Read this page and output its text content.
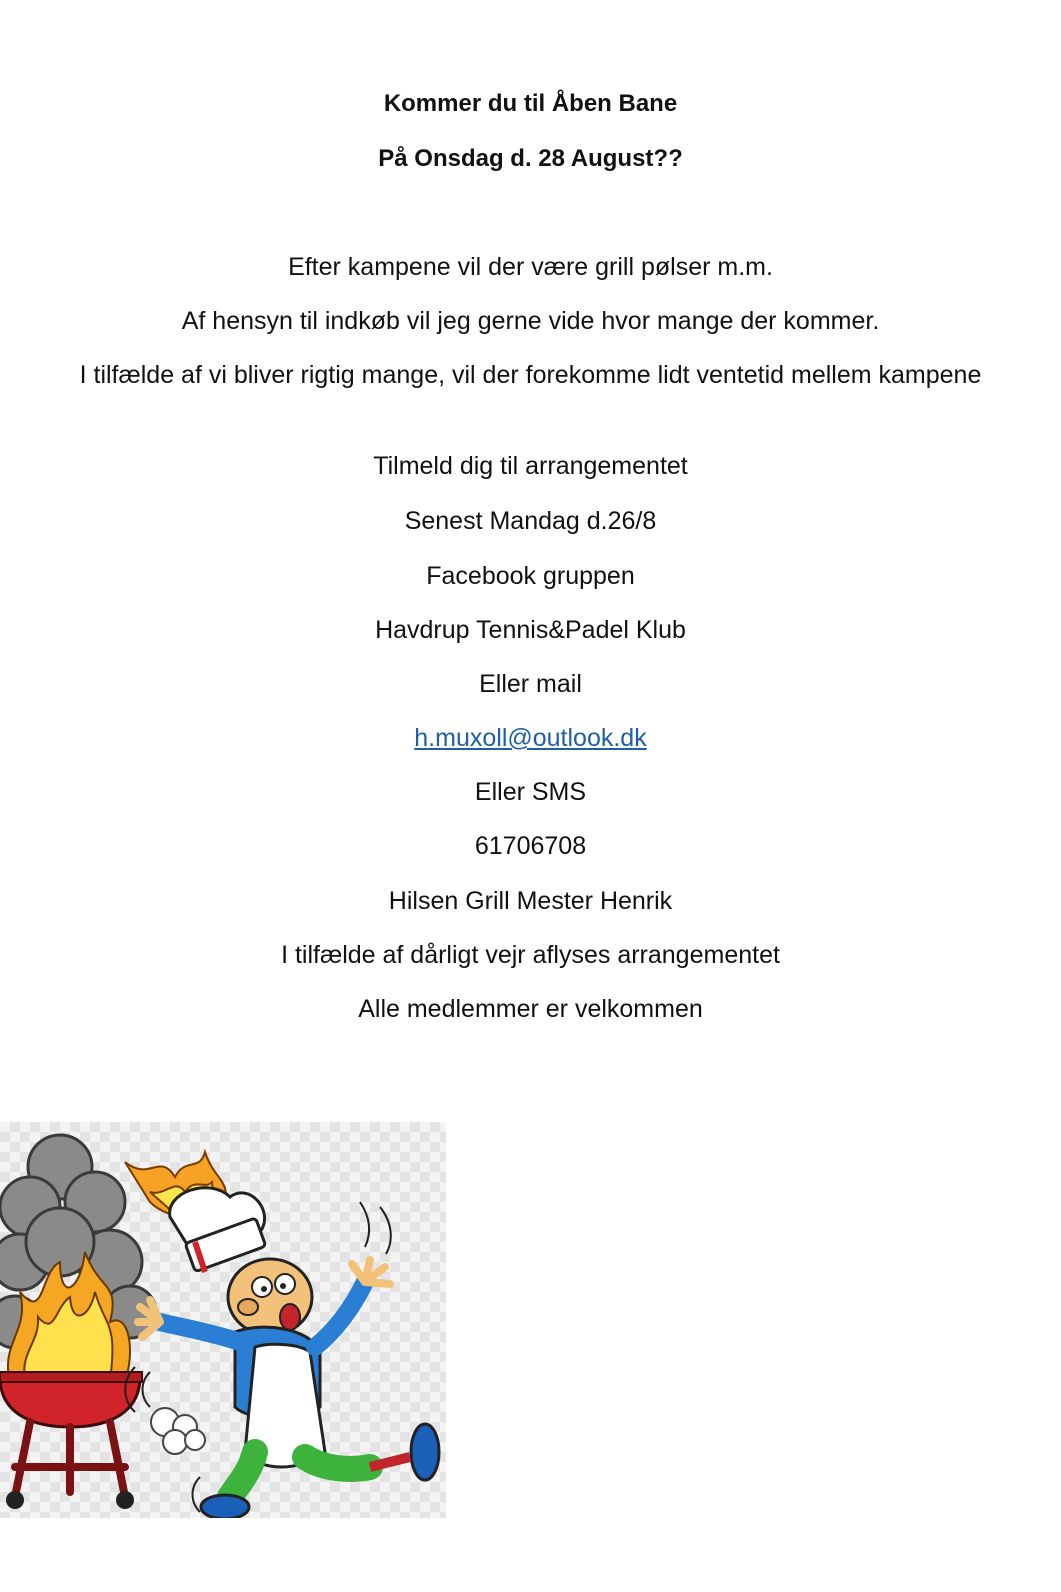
Kommer du til Åben Bane
På Onsdag d. 28 August??
Efter kampene vil der være grill pølser m.m.
Af hensyn til indkøb vil jeg gerne vide hvor mange der kommer.
I tilfælde af vi bliver rigtig mange, vil der forekomme lidt ventetid mellem kampene
Tilmeld dig til arrangementet
Senest Mandag d.26/8
Facebook gruppen
Havdrup Tennis&Padel Klub
Eller mail
h.muxoll@outlook.dk
Eller SMS
61706708
Hilsen Grill Mester Henrik
I tilfælde af dårligt vejr aflyses arrangementet
Alle medlemmer er velkommen
